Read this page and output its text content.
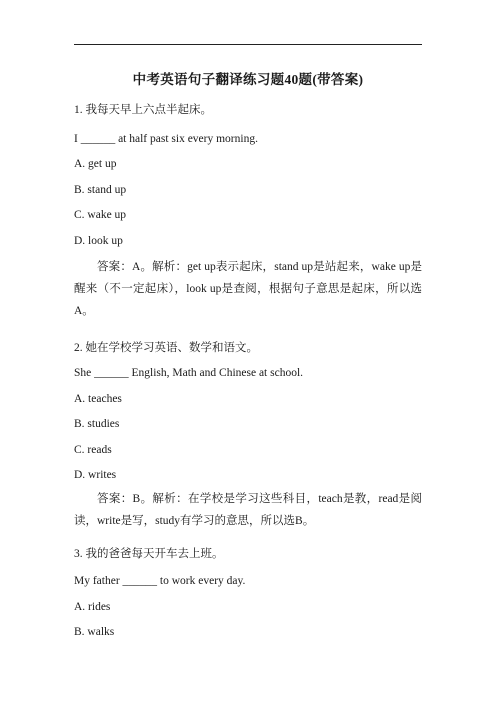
中考英语句子翻译练习题40题(带答案)
1. 我每天早上六点半起床。
I ______ at half past six every morning.
A. get up
B. stand up
C. wake up
D. look up
答案：A。解析：get up表示起床，stand up是站起来，wake up是醒来（不一定起床），look up是查阅，根据句子意思是起床，所以选A。
2. 她在学校学习英语、数学和语文。
She ______ English, Math and Chinese at school.
A. teaches
B. studies
C. reads
D. writes
答案：B。解析：在学校是学习这些科目，teach是教，read是阅读，write是写，study有学习的意思，所以选B。
3. 我的爸爸每天开车去上班。
My father ______ to work every day.
A. rides
B. walks
